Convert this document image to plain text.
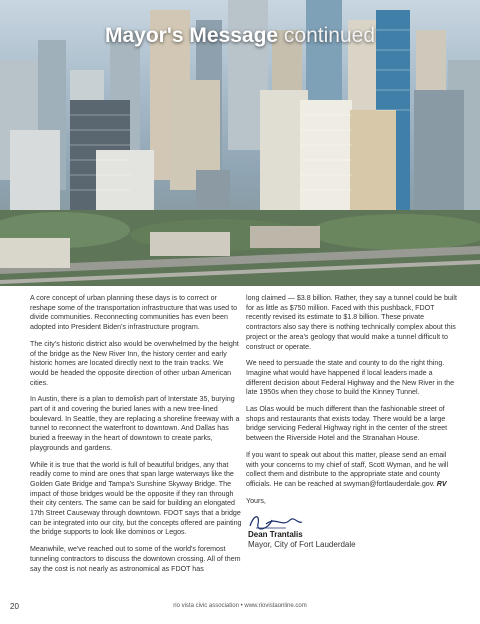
Mayor's Message continued

A core concept of urban planning these days is to correct or reshape some of the transportation infrastructure that was used to divide communities. Reconnecting communities has even been adopted into President Biden's infrastructure program.

The city's historic district also would be overwhelmed by the height of the bridge as the New River Inn, the history center and early historic homes are located directly next to the train tracks. We would be headed the opposite direction of other urban American cities.

In Austin, there is a plan to demolish part of Interstate 35, burying part of it and covering the buried lanes with a new tree-lined boulevard. In Seattle, they are replacing a shoreline freeway with a tunnel to reconnect the waterfront to downtown. And Dallas has buried a freeway in the heart of downtown to create parks, playgrounds and gardens.

While it is true that the world is full of beautiful bridges, any that readily come to mind are ones that span large waterways like the Golden Gate Bridge and Tampa's Sunshine Skyway Bridge. The impact of those bridges would be the opposite if they ran through their city centers. The same can be said for building an elongated 17th Street Causeway through downtown. FDOT says that a bridge can be integrated into our city, but the concepts offered are painting the bridge supports to look like dominos or Legos.

Meanwhile, we've reached out to some of the world's foremost tunneling contractors to discuss the downtown crossing. All of them say the cost is not nearly as astronomical as FDOT has

long claimed — $3.8 billion. Rather, they say a tunnel could be built for as little as $750 million. Faced with this pushback, FDOT recently revised its estimate to $1.8 billion. These private contractors also say there is nothing technically complex about this project or the area's geology that would make a tunnel difficult to construct or operate.

We need to persuade the state and county to do the right thing. Imagine what would have happened if local leaders made a different decision about Federal Highway and the New River in the late 1950s when they chose to build the Kinney Tunnel.

Las Olas would be much different than the fashionable street of shops and restaurants that exists today. There would be a large bridge servicing Federal Highway right in the center of the street between the Riverside Hotel and the Stranahan House.

If you want to speak out about this matter, please send an email with your concerns to my chief of staff, Scott Wyman, and he will collect them and distribute to the appropriate state and county officials. He can be reached at swyman@fortlauderdale.gov. RV

Yours,

Dean Trantalis
Mayor, City of Fort Lauderdale
20	rio vista civic association • www.riovistaonline.com
